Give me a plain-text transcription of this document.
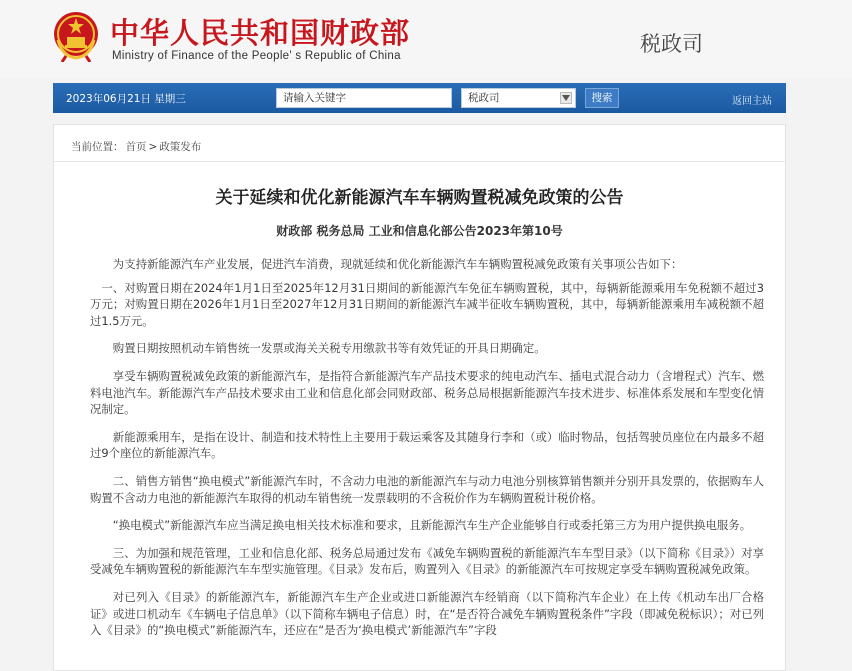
中华人民共和国财政部
Ministry of Finance of the People' s Republic of China	税政司
2023年06月21日 星期三	请输入关键字	税政司	搜索	返回主站
当前位置： 首页 > 政策发布
关于延续和优化新能源汽车车辆购置税减免政策的公告
财政部 税务总局 工业和信息化部公告2023年第10号

为支持新能源汽车产业发展，促进汽车消费，现就延续和优化新能源汽车车辆购置税减免政策有关事项公告如下：

一、对购置日期在2024年1月1日至2025年12月31日期间的新能源汽车免征车辆购置税，其中，每辆新能源乘用车免税额不超过3万元；对购置日期在2026年1月1日至2027年12月31日期间的新能源汽车减半征收车辆购置税，其中，每辆新能源乘用车减税额不超过1.5万元。

购置日期按照机动车销售统一发票或海关关税专用缴款书等有效凭证的开具日期确定。

享受车辆购置税减免政策的新能源汽车，是指符合新能源汽车产品技术要求的纯电动汽车、插电式混合动力（含增程式）汽车、燃料电池汽车。新能源汽车产品技术要求由工业和信息化部会同财政部、税务总局根据新能源汽车技术进步、标准体系发展和车型变化情况制定。

新能源乘用车，是指在设计、制造和技术特性上主要用于载运乘客及其随身行李和（或）临时物品，包括驾驶员座位在内最多不超过9个座位的新能源汽车。

二、销售方销售“换电模式”新能源汽车时，不含动力电池的新能源汽车与动力电池分别核算销售额并分别开具发票的，依据购车人购置不含动力电池的新能源汽车取得的机动车销售统一发票载明的不含税价作为车辆购置税计税价格。

“换电模式”新能源汽车应当满足换电相关技术标准和要求，且新能源汽车生产企业能够自行或委托第三方为用户提供换电服务。

三、为加强和规范管理，工业和信息化部、税务总局通过发布《减免车辆购置税的新能源汽车车型目录》（以下简称《目录》）对享受减免车辆购置税的新能源汽车车型实施管理。《目录》发布后，购置列入《目录》的新能源汽车可按规定享受车辆购置税减免政策。

对已列入《目录》的新能源汽车，新能源汽车生产企业或进口新能源汽车经销商（以下简称汽车企业）在上传《机动车出厂合格证》或进口机动车《车辆电子信息单》（以下简称车辆电子信息）时，在“是否符合减免车辆购置税条件”字段（即减免税标识）；对已列入《目录》的“换电模式”新能源汽车，还应在“是否为‘换电模式’新能源汽车”字段
